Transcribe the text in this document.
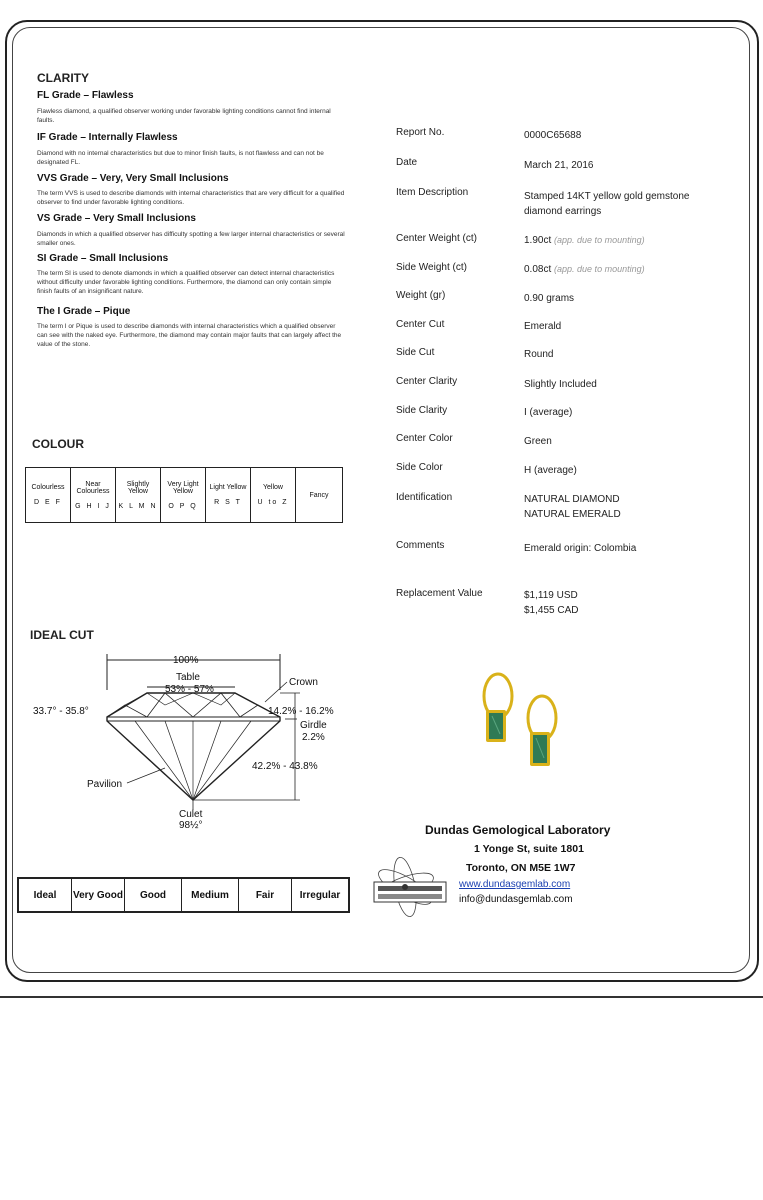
CLARITY

FL Grade – Flawless

Flawless diamond, a qualified observer working under favorable lighting conditions cannot find internal faults.

IF Grade – Internally Flawless

Diamond with no internal characteristics but due to minor finish faults, is not flawless and can not be designated FL.

VVS Grade – Very, Very Small Inclusions

The term VVS is used to describe diamonds with internal characteristics that are very difficult for a qualified observer to find under favorable lighting conditions.

VS Grade – Very Small Inclusions

Diamonds in which a qualified observer has difficulty spotting a few larger internal characteristics or several smaller ones.

SI Grade – Small Inclusions

The term SI is used to denote diamonds in which a qualified observer can detect internal characteristics without difficulty under favorable lighting conditions. Furthermore, the diamond can only contain simple finish faults of an insignificant nature.

The I Grade – Pique

The term I or Pique is used to describe diamonds with internal characteristics which a qualified observer can see with the naked eye. Furthermore, the diamond may contain major faults that can largely affect the value of the stone.

COLOUR
Colourless
D E F

Near Colourless
G H I J

Slightly Yellow
K L M N

Very Light Yellow
O P Q

Light Yellow
R S T

Yellow
U to Z

Fancy
IDEAL CUT
100%
Table
53% - 57%
Crown
33.7° - 35.8°	14.2% - 16.2%
Girdle
2.2%
42.2% - 43.8%
Pavilion
Culet
98½°
Ideal	Very Good	Good	Medium	Fair	Irregular
Report No.	0000C65688
Date	March 21, 2016
Item Description	Stamped 14KT yellow gold gemstone diamond earrings
Center Weight (ct)	1.90ct (app. due to mounting)
Side Weight (ct)	0.08ct (app. due to mounting)
Weight (gr)	0.90 grams
Center Cut	Emerald
Side Cut	Round
Center Clarity	Slightly Included
Side Clarity	I (average)
Center Color	Green
Side Color	H (average)
Identification	NATURAL DIAMOND
NATURAL EMERALD
Comments	Emerald origin: Colombia
Replacement Value	$1,119 USD
$1,455 CAD
Dundas Gemological Laboratory
1 Yonge St, suite 1801
Toronto, ON M5E 1W7
www.dundasgemlab.com
info@dundasgemlab.com
